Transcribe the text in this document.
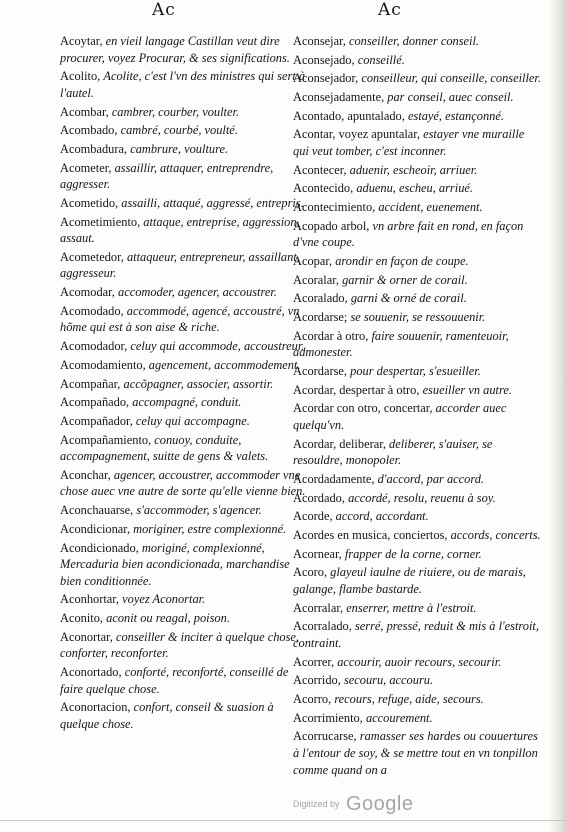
Ac	Ac

Acoytar, en vieil langage Castillan veut dire procurer, voyez Procurar, & ses significations.

Acolito, Acolite, c'est l'vn des ministres qui sert à l'autel.

Acombar, cambrer, courber, voulter.

Acombado, cambré, courbé, voulté.

Acombadura, cambrure, voulture.

Acometer, assaillir, attaquer, entreprendre, aggresser.

Acometido, assailli, attaqué, aggressé, entrepris.

Acometimiento, attaque, entreprise, aggression, assaut.

Acometedor, attaqueur, entrepreneur, assaillant, aggresseur.

Acomodar, accomoder, agencer, accoustrer.

Acomodado, accommodé, agencé, accoustré, vn hõme qui est à son aise & riche.

Acomodador, celuy qui accommode, accoustreur.

Acomodamiento, agencement, accommodement.

Acompañar, accõpagner, associer, assortir.

Acompañado, accompagné, conduit.

Acompañador, celuy qui accompagne.

Acompañamiento, conuoy, conduite, accompagnement, suitte de gens & valets.

Aconchar, agencer, accoustrer, accommoder vne chose auec vne autre de sorte qu'elle vienne bien.

Aconchauarse, s'accommoder, s'agencer.

Acondicionar, moriginer, estre complexionné.

Acondicionado, moriginé, complexionné, Mercaduria bien acondicionada, marchandise bien conditionnée.

Aconhortar, voyez Aconortar.

Aconito, aconit ou reagal, poison.

Aconortar, conseiller & inciter à quelque chose, conforter, reconforter.

Aconortado, conforté, reconforté, conseillé de faire quelque chose.

Aconortacion, confort, conseil & suasion à quelque chose.

Aconsejar, conseiller, donner conseil.

Aconsejado, conseillé.

Aconsejador, conseilleur, qui conseille, conseiller.

Aconsejadamente, par conseil, auec conseil.

Acontado, apuntalado, estayé, estançonné.

Acontar, voyez apuntalar, estayer vne muraille qui veut tomber, c'est inconner.

Acontecer, aduenir, escheoir, arriuer.

Acontecido, aduenu, escheu, arriué.

Acontecimiento, accident, euenement.

Acopado arbol, vn arbre fait en rond, en façon d'vne coupe.

Acopar, arondir en façon de coupe.

Acoralar, garnir & orner de corail.

Acoralado, garni & orné de corail.

Acordarse; se souuenir, se ressouuenir.

Acordar à otro, faire souuenir, ramenteuoir, admonester.

Acordarse, pour despertar, s'esueiller.

Acordar, despertar à otro, esueiller vn autre.

Acordar con otro, concertar, accorder auec quelqu'vn.

Acordar, deliberar, deliberer, s'auiser, se resouldre, monopoler.

Acordadamente, d'accord, par accord.

Acordado, accordé, resolu, reuenu à soy.

Acorde, accord, accordant.

Acordes en musica, conciertos, accords, concerts.

Acornear, frapper de la corne, corner.

Acoro, glayeul iaulne de riuiere, ou de marais, galange, flambe bastarde.

Acorralar, enserrer, mettre à l'estroit.

Acorralado, serré, pressé, reduit & mis à l'estroit, contraint.

Acorrer, accourir, auoir recours, secourir.

Acorrido, secouru, accouru.

Acorro, recours, refuge, aide, secours.

Acorrimiento, accourement.

Acorrucarse, ramasser ses hardes ou couuertures à l'entour de soy, & se mettre tout en vn tonpillon comme quand on a

Digitized by Google
